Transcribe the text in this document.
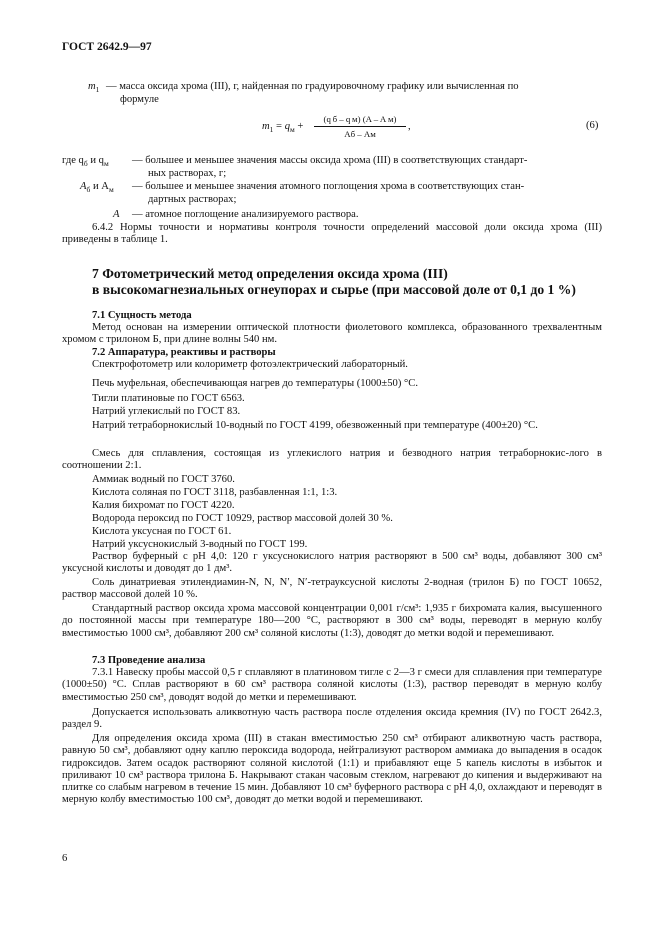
ГОСТ 2642.9—97
$m_1$ — масса оксида хрома (III), г, найденная по градуировочному графику или вычисленная по
формуле
$m_1 = q_м$ +
(q б – q м) (A – A м)
Aб – Aм
,	(6)
где $q_б$ и $q_м$ — большее и меньшее значения массы оксида хрома (III) в соответствующих стандарт-
ных растворах, г;
$A_б$ и $A_м$ — большее и меньшее значения атомного поглощения хрома в соответствующих стан-
дартных растворах;
A — атомное поглощение анализируемого раствора.
6.4.2 Нормы точности и нормативы контроля точности определений массовой доли оксида хрома (III) приведены в таблице 1.
7 Фотометрический метод определения оксида хрома (III)
в высокомагнезиальных огнеупорах и сырье (при массовой доле от 0,1 до 1 %)
7.1 Сущность метода
Метод основан на измерении оптической плотности фиолетового комплекса, образованного трехвалентным хромом с трилоном Б, при длине волны 540 нм.
7.2 Аппаратура, реактивы и растворы
Спектрофотометр или колориметр фотоэлектрический лабораторный.
Печь муфельная, обеспечивающая нагрев до температуры (1000±50) °С.
Тигли платиновые по ГОСТ 6563.
Натрий углекислый по ГОСТ 83.
Натрий тетраборнокислый 10-водный по ГОСТ 4199, обезвоженный при температуре (400±20) °С.
Смесь для сплавления, состоящая из углекислого натрия и безводного натрия тетраборнокис-лого в соотношении 2:1.
Аммиак водный по ГОСТ 3760.
Кислота соляная по ГОСТ 3118, разбавленная 1:1, 1:3.
Калия бихромат по ГОСТ 4220.
Водорода пероксид по ГОСТ 10929, раствор массовой долей 30 %.
Кислота уксусная по ГОСТ 61.
Натрий уксуснокислый 3-водный по ГОСТ 199.
Раствор буферный с рН 4,0: 120 г уксуснокислого натрия растворяют в 500 см³ воды, добавляют 300 см³ уксусной кислоты и доводят до 1 дм³.
Соль динатриевая этилендиамин-N, N, N′, N′-тетрауксусной кислоты 2-водная (трилон Б) по ГОСТ 10652, раствор массовой долей 10 %.
Стандартный раствор оксида хрома массовой концентрации 0,001 г/см³: 1,935 г бихромата калия, высушенного до постоянной массы при температуре 180—200 °С, растворяют в 300 см³ воды, переводят в мерную колбу вместимостью 1000 см³, добавляют 200 см³ соляной кислоты (1:3), доводят до метки водой и перемешивают.
7.3 Проведение анализа
7.3.1 Навеску пробы массой 0,5 г сплавляют в платиновом тигле с 2—3 г смеси для сплавления при температуре (1000±50) °С. Сплав растворяют в 60 см³ раствора соляной кислоты (1:3), раствор переводят в мерную колбу вместимостью 250 см³, доводят водой до метки и перемешивают.
Допускается использовать аликвотную часть раствора после отделения оксида кремния (IV) по ГОСТ 2642.3, раздел 9.
Для определения оксида хрома (III) в стакан вместимостью 250 см³ отбирают аликвотную часть раствора, равную 50 см³, добавляют одну каплю пероксида водорода, нейтрализуют раствором аммиака до выпадения в осадок гидроксидов. Затем осадок растворяют соляной кислотой (1:1) и прибавляют еще 5 капель кислоты в избыток и приливают 10 см³ раствора трилона Б. Накрывают стакан часовым стеклом, нагревают до кипения и выдерживают на плитке со слабым нагревом в течение 15 мин. Добавляют 10 см³ буферного раствора с рН 4,0, охлаждают и переводят в мерную колбу вместимостью 100 см³, доводят до метки водой и перемешивают.
6
